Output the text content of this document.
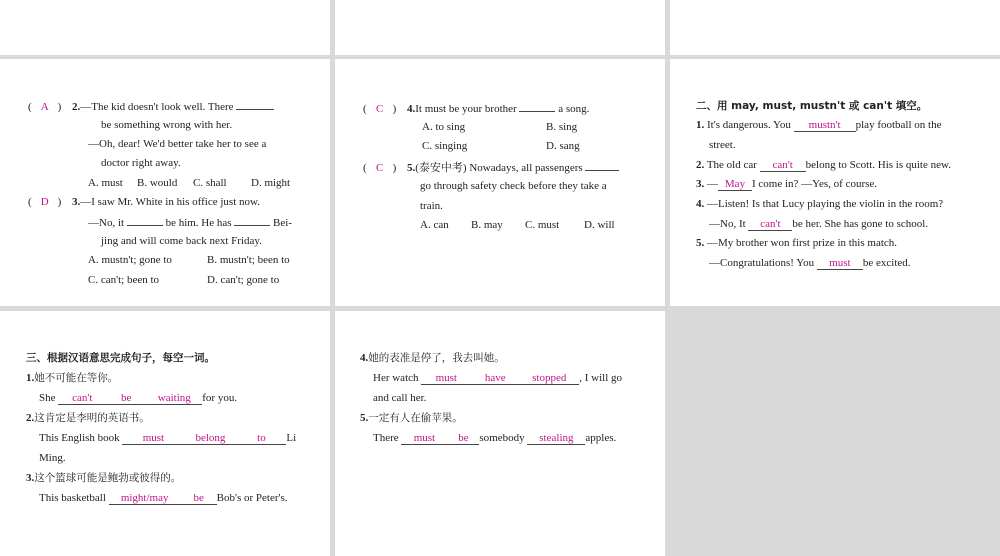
( A ) 2.—The kid doesn't look well. There
be something wrong with her.
—Oh, dear! We'd better take her to see a
doctor right away.
A. must B. would C. shall D. might
( D ) 3.—I saw Mr. White in his office just now.
—No, it	be him. He has	Bei-
jing and will come back next Friday.
A. mustn't; gone to	B. mustn't; been to
C. can't; been to	D. can't; gone to
( C ) 4.It must be your brother	a song.
A. to sing	B. sing
C. singing	D. sang
( C ) 5.(泰安中考) Nowadays, all passengers
go through safety check before they take a
train.
A. can B. may C. must D. will
二、用 may, must, mustn't 或 can't 填空。
1. It's dangerous. You mustn't play football on the
street.
2. The old car can't belong to Scott. His is quite new.
3. — May I come in? —Yes, of course.
4. —Listen! Is that Lucy playing the violin in the room?
—No, It can't be her. She has gone to school.
5. —My brother won first prize in this match.
—Congratulations! You must be excited.
三、根据汉语意思完成句子，每空一词。
1.她不可能在等你。
She can't	be waiting for you.
2.这肯定是李明的英语书。
This English book must	belong	to Li
Ming.
3.这个篮球可能是鲍勃或彼得的。
This basketball might/may be Bob's or Peter's.
4.她的表准是停了，我去叫她。
Her watch must	have stopped , I will go
and call her.
5.一定有人在偷苹果。
There must be somebody stealing apples.
